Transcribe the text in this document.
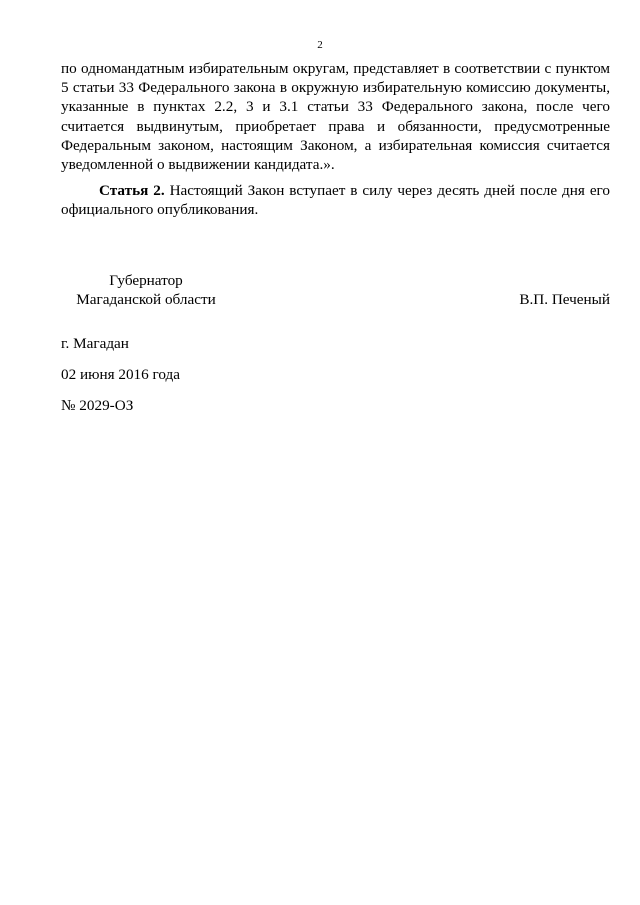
2

по одномандатным избирательным округам, представляет в соответствии с пунктом 5 статьи 33 Федерального закона в окружную избирательную комиссию документы, указанные в пунктах 2.2, 3 и 3.1 статьи 33 Федерального закона, после чего считается выдвинутым, приобретает права и обязанности, предусмотренные Федеральным законом, настоящим Законом, а избирательная комиссия считается уведомленной о выдвижении кандидата.».

Статья 2. Настоящий Закон вступает в силу через десять дней после дня его официального опубликования.

Губернатор
Магаданской области	В.П. Печеный
г. Магадан
02 июня 2016 года
№ 2029-ОЗ
